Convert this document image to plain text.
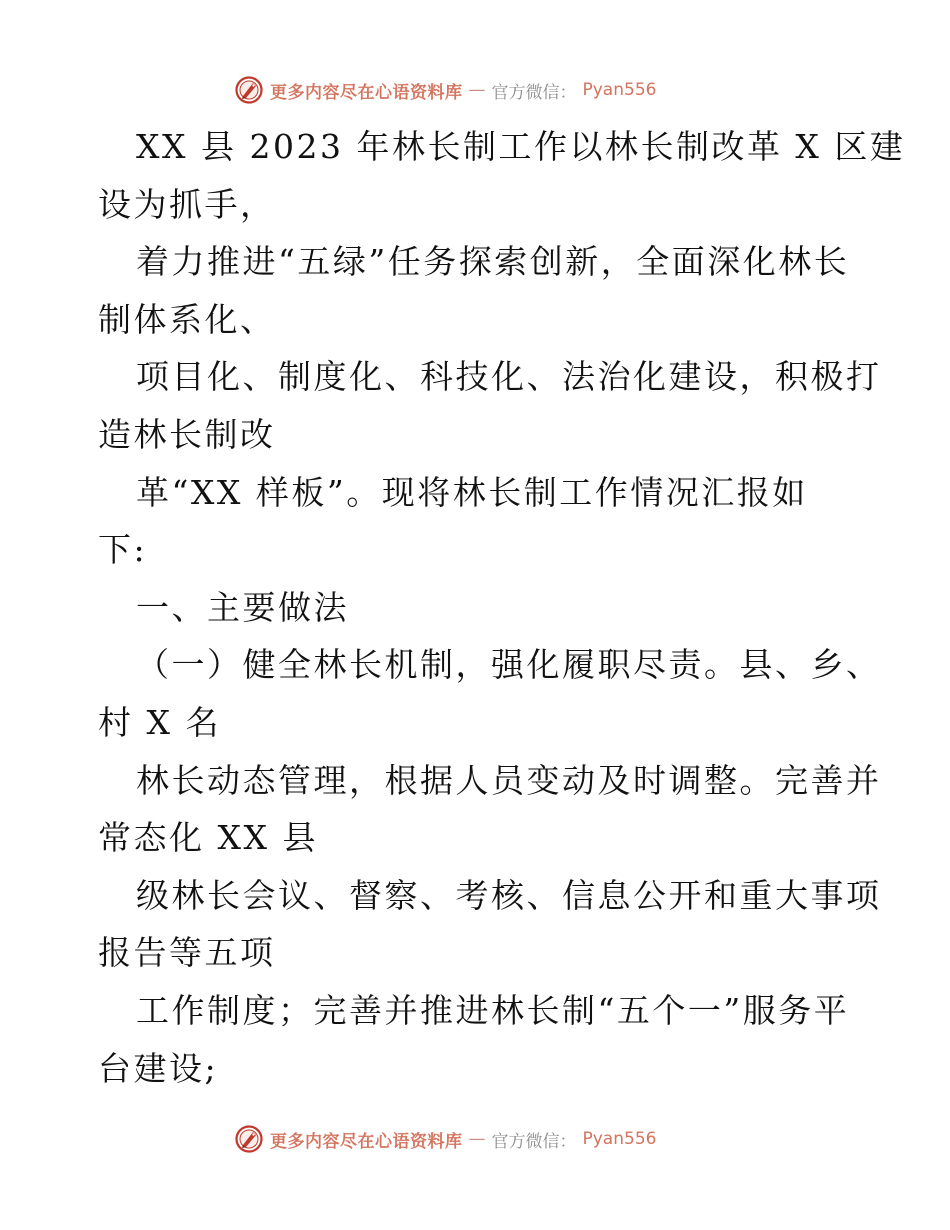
更多内容尽在心语资料库 — 官方微信： Pyan556
XX 县 2023 年林长制工作以林长制改革 X 区建
设为抓手，
着力推进“五绿”任务探索创新，全面深化林长
制体系化、
项目化、制度化、科技化、法治化建设，积极打
造林长制改
革“XX 样板”。现将林长制工作情况汇报如
下:
一、主要做法
（一）健全林长机制，强化履职尽责。县、乡、
村 X 名
林长动态管理，根据人员变动及时调整。完善并
常态化 XX 县
级林长会议、督察、考核、信息公开和重大事项
报告等五项
工作制度；完善并推进林长制“五个一”服务平
台建设;
更多内容尽在心语资料库 — 官方微信： Pyan556
